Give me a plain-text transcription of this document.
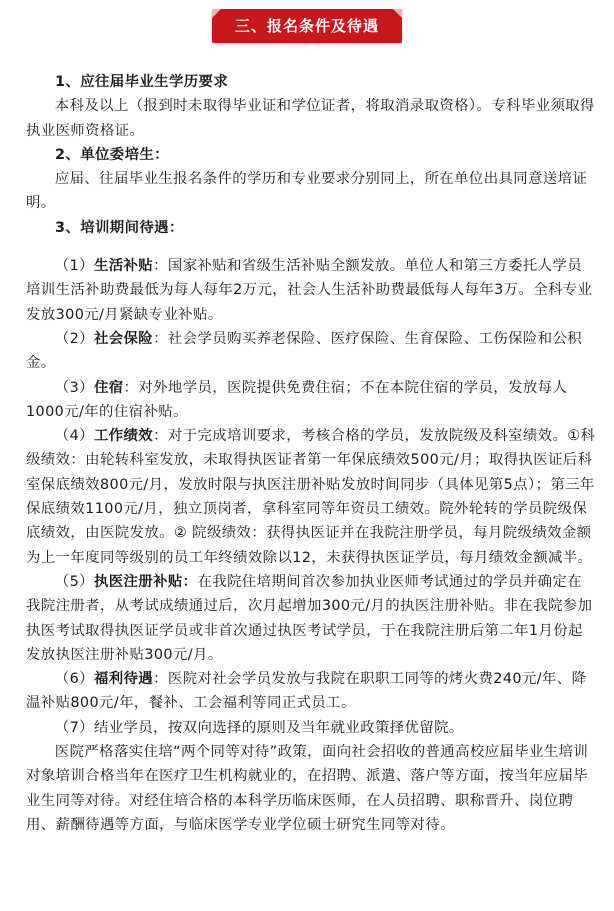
三、报名条件及待遇

1、应往届毕业生学历要求

本科及以上（报到时未取得毕业证和学位证者，将取消录取资格）。专科毕业须取得执业医师资格证。

2、单位委培生：

应届、往届毕业生报名条件的学历和专业要求分别同上，所在单位出具同意送培证明。

3、培训期间待遇：

（1）生活补贴：国家补贴和省级生活补贴全额发放。单位人和第三方委托人学员培训生活补助费最低为每人每年2万元，社会人生活补助费最低每人每年3万。全科专业发放300元/月紧缺专业补贴。

（2）社会保险：社会学员购买养老保险、医疗保险、生育保险、工伤保险和公积金。

（3）住宿：对外地学员，医院提供免费住宿；不在本院住宿的学员，发放每人1000元/年的住宿补贴。

（4）工作绩效：对于完成培训要求，考核合格的学员，发放院级及科室绩效。①科级绩效：由轮转科室发放，未取得执医证者第一年保底绩效500元/月；取得执医证后科室保底绩效800元/月，发放时限与执医注册补贴发放时间同步（具体见第5点）；第三年保底绩效1100元/月，独立顶岗者，拿科室同等年资员工绩效。院外轮转的学员院级保底绩效，由医院发放。② 院级绩效：获得执医证并在我院注册学员，每月院级绩效金额为上一年度同等级别的员工年终绩效除以12，未获得执医证学员，每月绩效金额减半。

（5）执医注册补贴：在我院住培期间首次参加执业医师考试通过的学员并确定在我院注册者，从考试成绩通过后，次月起增加300元/月的执医注册补贴。非在我院参加执医考试取得执医证学员或非首次通过执医考试学员，于在我院注册后第二年1月份起发放执医注册补贴300元/月。

（6）福利待遇：医院对社会学员发放与我院在职职工同等的烤火费240元/年、降温补贴800元/年，餐补、工会福利等同正式员工。

（7）结业学员，按双向选择的原则及当年就业政策择优留院。

医院严格落实住培“两个同等对待”政策，面向社会招收的普通高校应届毕业生培训对象培训合格当年在医疗卫生机构就业的，在招聘、派遣、落户等方面，按当年应届毕业生同等对待。对经住培合格的本科学历临床医师，在人员招聘、职称晋升、岗位聘用、薪酬待遇等方面，与临床医学专业学位硕士研究生同等对待。
